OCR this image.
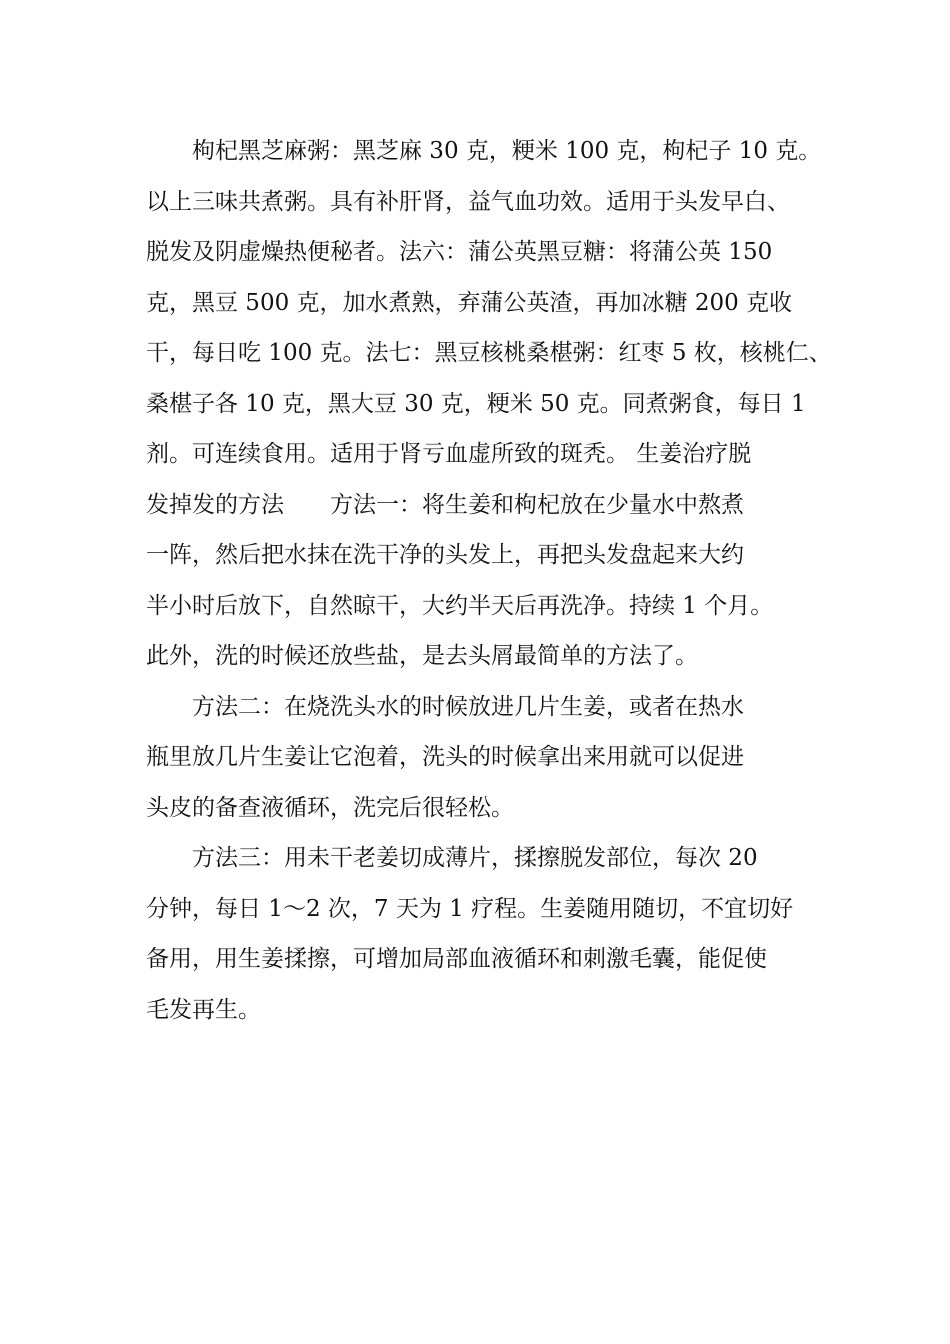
　　枸杞黑芝麻粥：黑芝麻 30 克，粳米 100 克，枸杞子 10 克。
以上三味共煮粥。具有补肝肾，益气血功效。适用于头发早白、
脱发及阴虚燥热便秘者。法六：蒲公英黑豆糖：将蒲公英 150
克，黑豆 500 克，加水煮熟，弃蒲公英渣，再加冰糖 200 克收
干，每日吃 100 克。法七：黑豆核桃桑椹粥：红枣 5 枚，核桃仁、
桑椹子各 10 克，黑大豆 30 克，粳米 50 克。同煮粥食，每日 1
剂。可连续食用。适用于肾亏血虚所致的斑秃。 生姜治疗脱
发掉发的方法　　方法一：将生姜和枸杞放在少量水中熬煮
一阵，然后把水抹在洗干净的头发上，再把头发盘起来大约
半小时后放下，自然晾干，大约半天后再洗净。持续 1 个月。
此外，洗的时候还放些盐，是去头屑最简单的方法了。
　　方法二：在烧洗头水的时候放进几片生姜，或者在热水
瓶里放几片生姜让它泡着，洗头的时候拿出来用就可以促进
头皮的备查液循环，洗完后很轻松。
　　方法三：用未干老姜切成薄片，揉擦脱发部位，每次 20
分钟，每日 1～2 次，7 天为 1 疗程。生姜随用随切，不宜切好
备用，用生姜揉擦，可增加局部血液循环和刺激毛囊，能促使
毛发再生。
